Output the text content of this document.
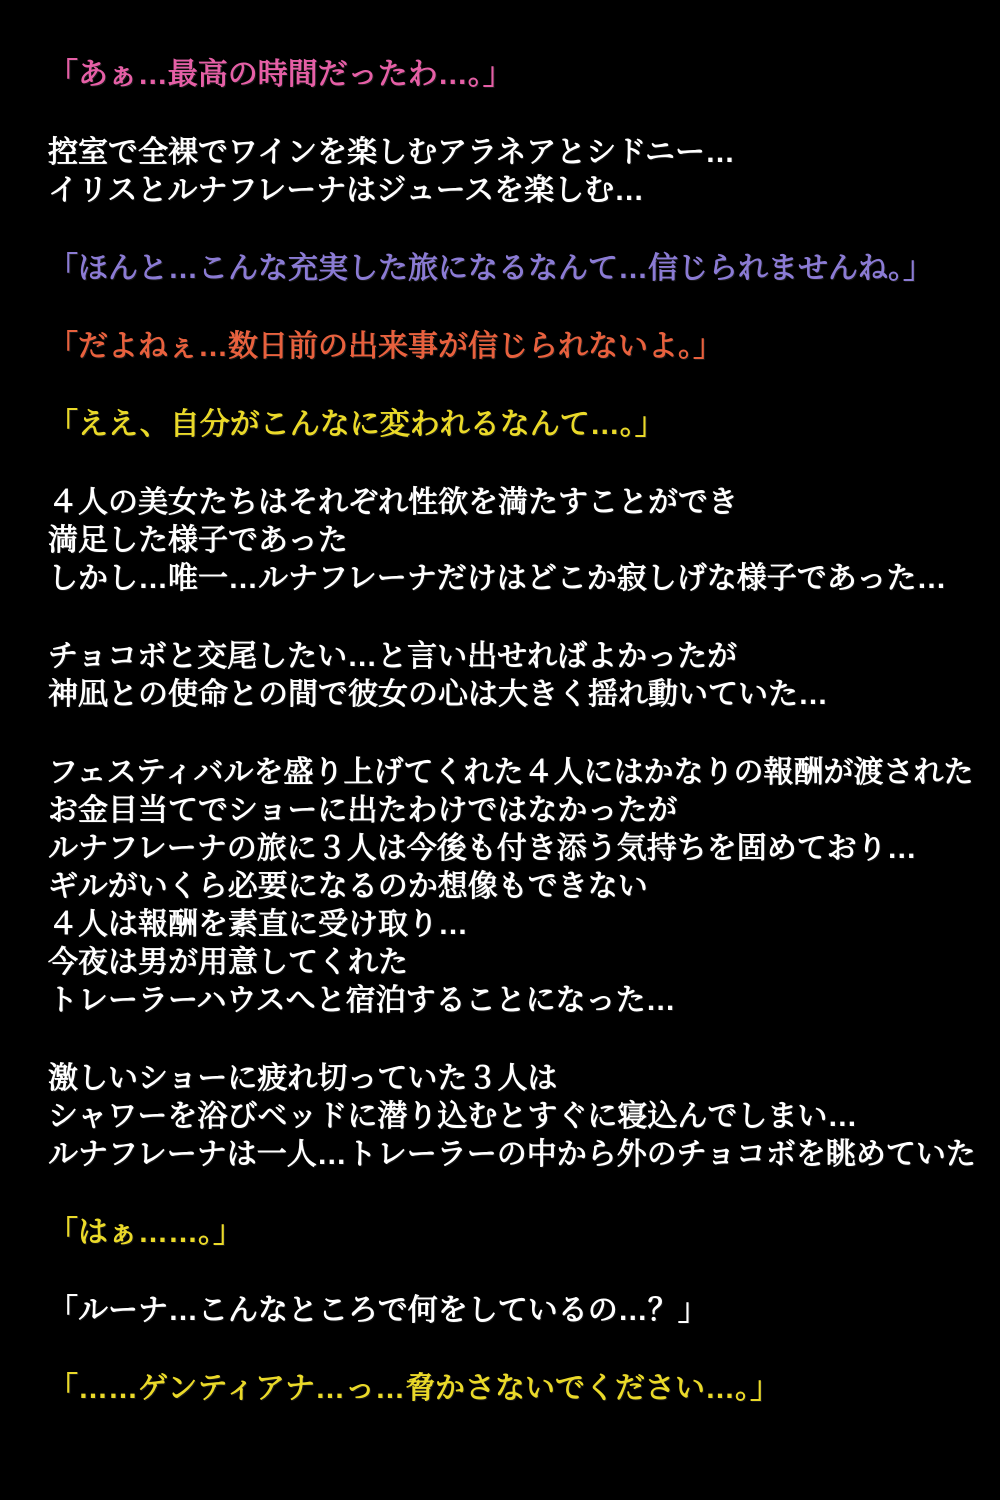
「あぁ…最高の時間だったわ…。」
控室で全裸でワインを楽しむアラネアとシドニー…
イリスとルナフレーナはジュースを楽しむ…
「ほんと…こんな充実した旅になるなんて…信じられませんね。」
「だよねぇ…数日前の出来事が信じられないよ。」
「ええ、自分がこんなに変われるなんて…。」
４人の美女たちはそれぞれ性欲を満たすことができ
満足した様子であった
しかし…唯一…ルナフレーナだけはどこか寂しげな様子であった…
チョコボと交尾したい…と言い出せればよかったが
神凪との使命との間で彼女の心は大きく揺れ動いていた…
フェスティバルを盛り上げてくれた４人にはかなりの報酬が渡された
お金目当てでショーに出たわけではなかったが
ルナフレーナの旅に３人は今後も付き添う気持ちを固めており…
ギルがいくら必要になるのか想像もできない
４人は報酬を素直に受け取り…
今夜は男が用意してくれた
トレーラーハウスへと宿泊することになった…
激しいショーに疲れ切っていた３人は
シャワーを浴びベッドに潜り込むとすぐに寝込んでしまい…
ルナフレーナは一人…トレーラーの中から外のチョコボを眺めていた
「はぁ……。」
「ルーナ…こんなところで何をしているの…？」
「……ゲンティアナ…っ…脅かさないでください…。」
